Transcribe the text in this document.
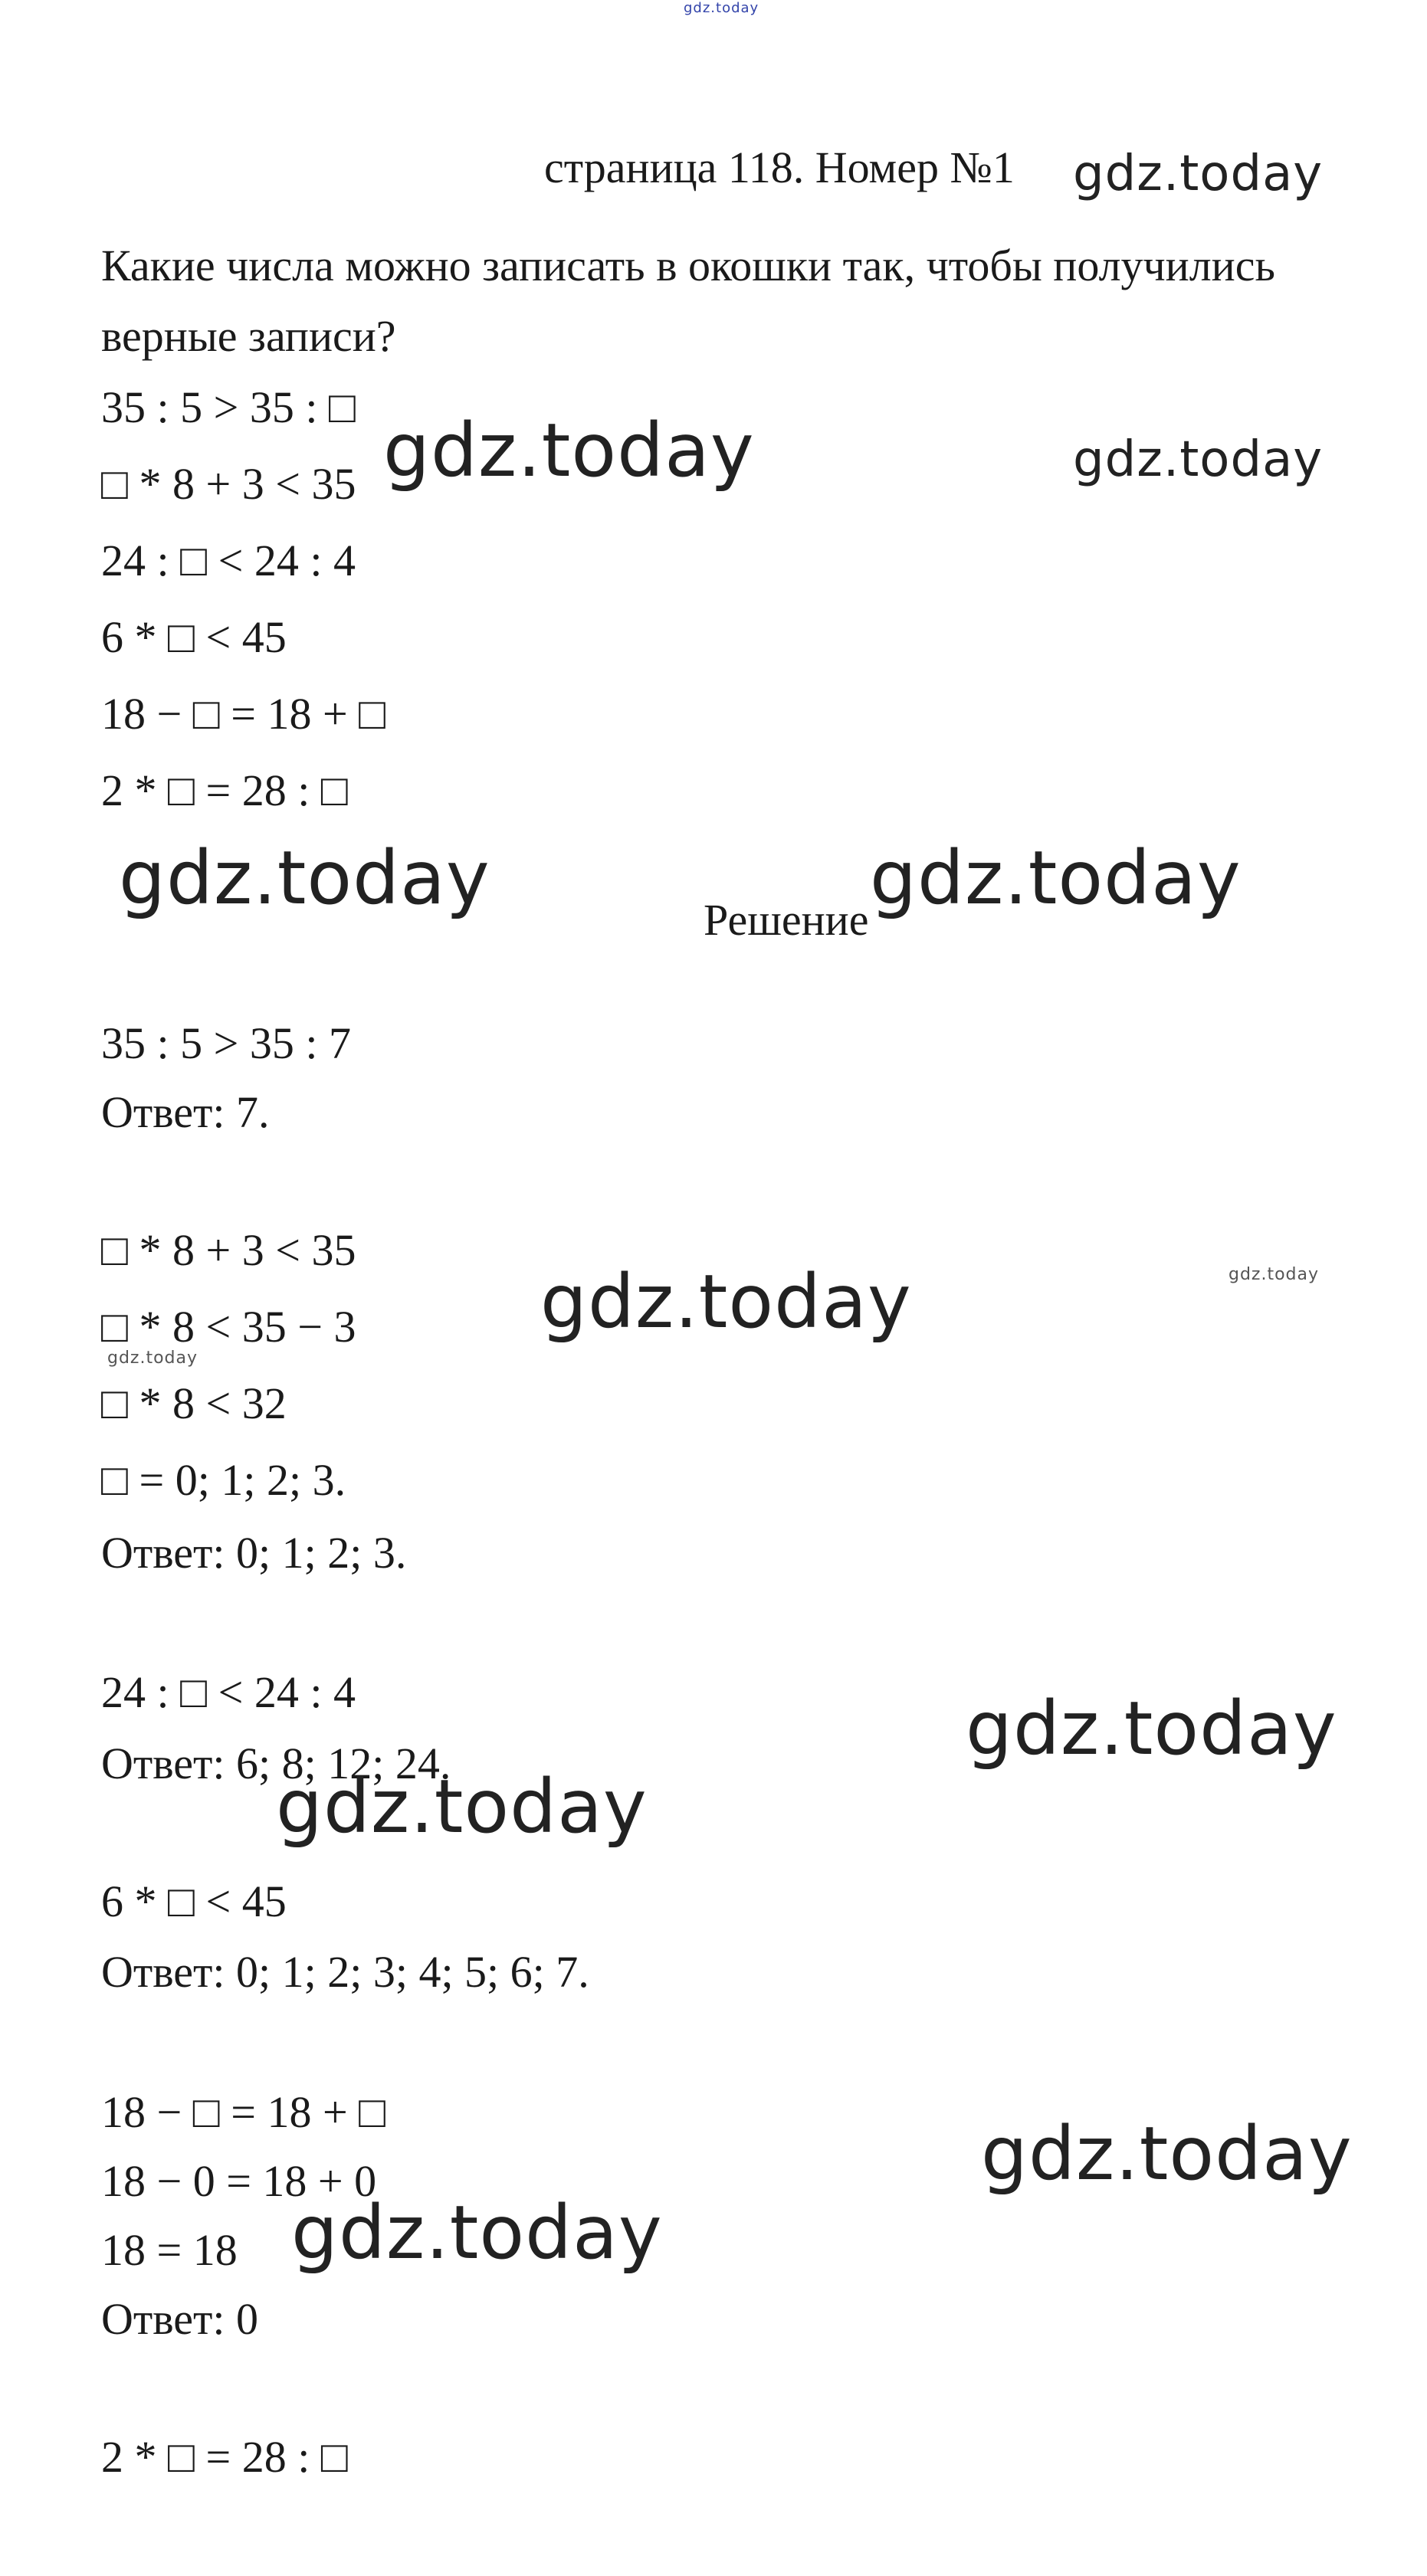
страница 118. Номер №1
Какие числа можно записать в окошки так, чтобы получились
верные записи?
35 : 5 > 35 : □
□ * 8 + 3 < 35
24 : □ < 24 : 4
6 * □ < 45
18 − □ = 18 + □
2 * □ = 28 : □
Решение
35 : 5 > 35 : 7
Ответ: 7.
□ * 8 + 3 < 35
□ * 8 < 35 − 3
□ * 8 < 32
□ = 0; 1; 2; 3.
Ответ: 0; 1; 2; 3.
24 : □ < 24 : 4
Ответ: 6; 8; 12; 24.
6 * □ < 45
Ответ: 0; 1; 2; 3; 4; 5; 6; 7.
18 − □ = 18 + □
18 − 0 = 18 + 0
18 = 18
Ответ: 0
2 * □ = 28 : □
gdz.today
gdz.today
gdz.today	gdz.today
gdz.today	gdz.today
gdz.today
gdz.today
gdz.today
gdz.today
gdz.today
gdz.today
gdz.today
